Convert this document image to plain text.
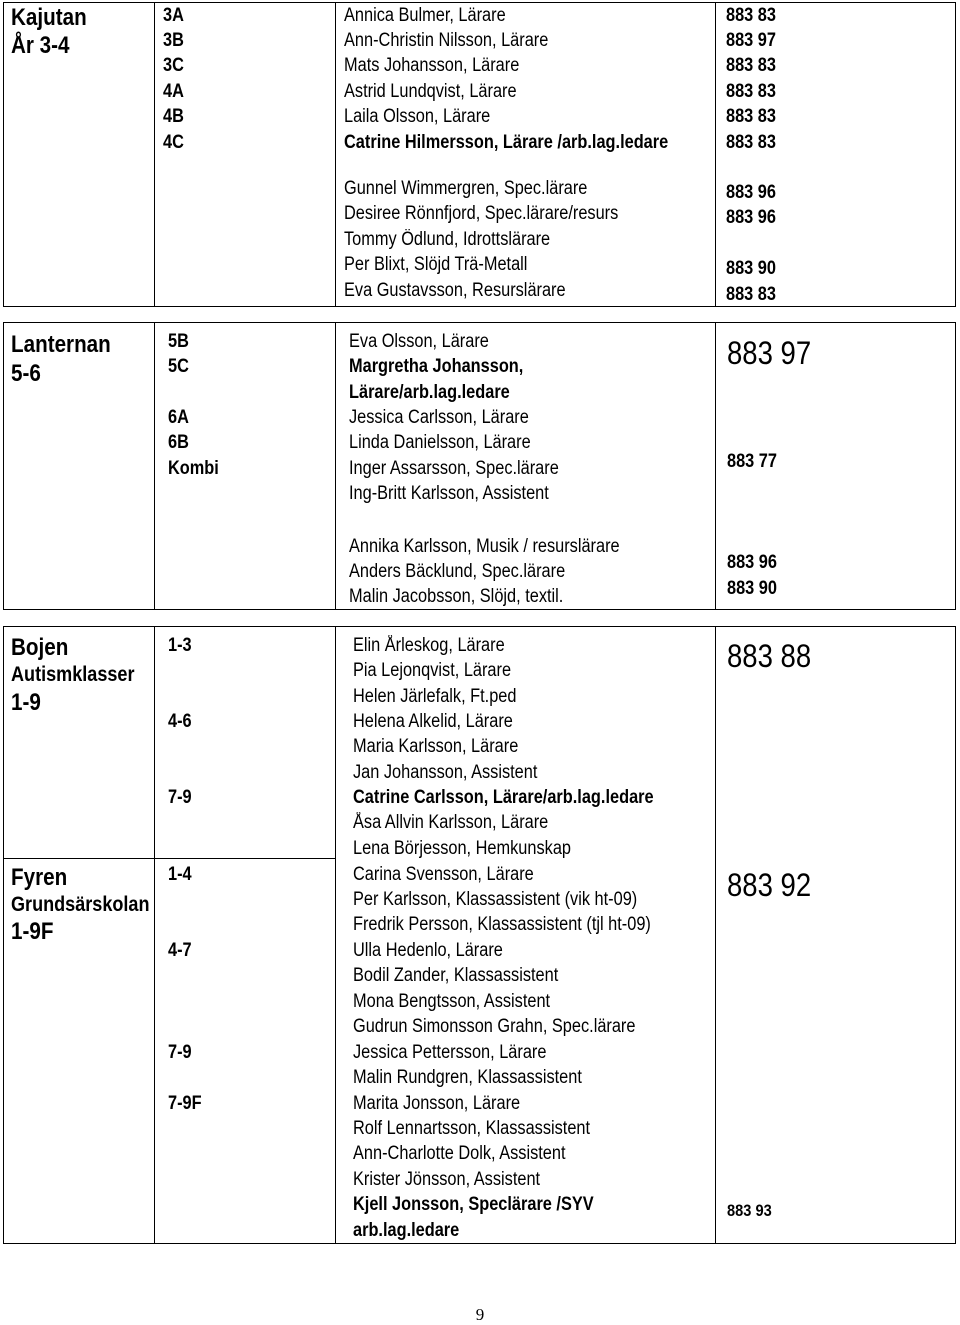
Kajutan
År 3-4
3A
3B
3C
4A
4B
4C
Annica Bulmer, Lärare
Ann-Christin Nilsson, Lärare
Mats Johansson, Lärare
Astrid Lundqvist, Lärare
Laila Olsson, Lärare
Catrine Hilmersson, Lärare /arb.lag.ledare
883 83
883 97
883 83
883 83
883 83
883 83
Gunnel Wimmergren, Spec.lärare
Desiree Rönnfjord, Spec.lärare/resurs
Tommy Ödlund, Idrottslärare
Per Blixt, Slöjd Trä-Metall
Eva Gustavsson, Resurslärare
883 96
883 96
883 90
883 83
Lanternan
5-6
5B
5C
6A
6B
Kombi
Eva Olsson, Lärare
Margretha Johansson,
Lärare/arb.lag.ledare
Jessica Carlsson, Lärare
Linda Danielsson, Lärare
Inger Assarsson, Spec.lärare
Ing-Britt Karlsson, Assistent
883 97
883 77
Annika Karlsson, Musik / resurslärare
Anders Bäcklund, Spec.lärare
Malin Jacobsson, Slöjd, textil.
883 96
883 90
Bojen
Autismklasser
1-9
1-3
4-6
7-9
Elin Årleskog, Lärare
Pia Lejonqvist, Lärare
Helen Järlefalk, Ft.ped
Helena Alkelid, Lärare
Maria Karlsson, Lärare
Jan Johansson, Assistent
Catrine Carlsson, Lärare/arb.lag.ledare
Åsa Allvin Karlsson, Lärare
Lena Börjesson, Hemkunskap
883 88
Fyren
Grundsärskolan
1-9F
1-4
4-7
7-9
7-9F
Carina Svensson, Lärare
Per Karlsson, Klassassistent (vik ht-09)
Fredrik Persson, Klassassistent (tjl ht-09)
Ulla Hedenlo, Lärare
Bodil Zander, Klassassistent
Mona Bengtsson, Assistent
Gudrun Simonsson Grahn, Spec.lärare
Jessica Pettersson, Lärare
Malin Rundgren, Klassassistent
Marita Jonsson, Lärare
Rolf Lennartsson, Klassassistent
Ann-Charlotte Dolk, Assistent
Krister Jönsson, Assistent
Kjell Jonsson, Speclärare /SYV
arb.lag.ledare
883 92
883 93
9
